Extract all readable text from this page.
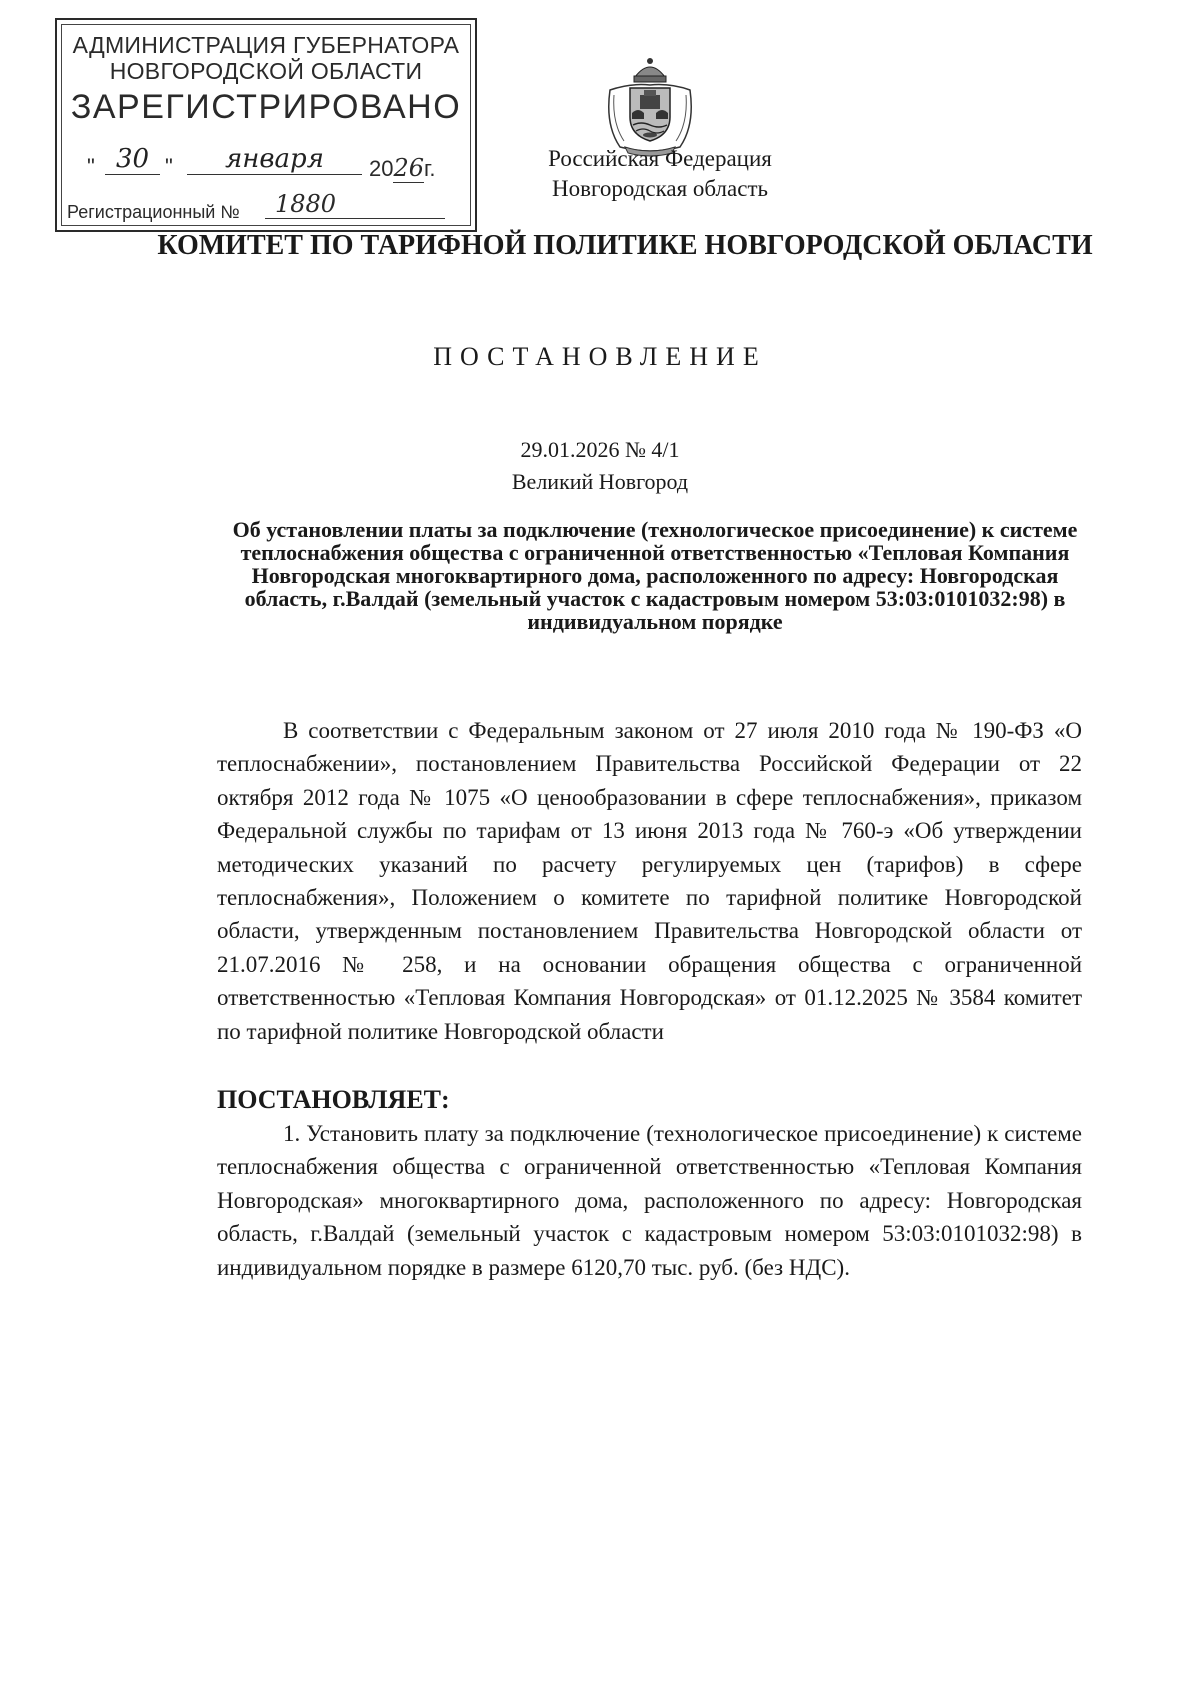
АДМИНИСТРАЦИЯ ГУБЕРНАТОРА
НОВГОРОДСКОЙ ОБЛАСТИ
ЗАРЕГИСТРИРОВАНО
" 30 "	января	2026г.
Регистрационный №	1880
Российская Федерация
Новгородская область
КОМИТЕТ ПО ТАРИФНОЙ ПОЛИТИКЕ НОВГОРОДСКОЙ ОБЛАСТИ
ПОСТАНОВЛЕНИЕ
29.01.2026 № 4/1
Великий Новгород
Об установлении платы за подключение (технологическое присоединение) к системе теплоснабжения общества с ограниченной ответственностью «Тепловая Компания Новгородская многоквартирного дома, расположенного по адресу: Новгородская область, г.Валдай (земельный участок с кадастровым номером 53:03:0101032:98) в индивидуальном порядке
В соответствии с Федеральным законом от 27 июля 2010 года № 190-ФЗ «О теплоснабжении», постановлением Правительства Российской Федерации от 22 октября 2012 года № 1075 «О ценообразовании в сфере теплоснабжения», приказом Федеральной службы по тарифам от 13 июня 2013 года № 760-э «Об утверждении методических указаний по расчету регулируемых цен (тарифов) в сфере теплоснабжения», Положением о комитете по тарифной политике Новгородской области, утвержденным постановлением Правительства Новгородской области от 21.07.2016 № 258, и на основании обращения общества с ограниченной ответственностью «Тепловая Компания Новгородская» от 01.12.2025 № 3584 комитет по тарифной политике Новгородской области
ПОСТАНОВЛЯЕТ:
1. Установить плату за подключение (технологическое присоединение) к системе теплоснабжения общества с ограниченной ответственностью «Тепловая Компания Новгородская» многоквартирного дома, расположенного по адресу: Новгородская область, г.Валдай (земельный участок с кадастровым номером 53:03:0101032:98) в индивидуальном порядке в размере 6120,70 тыс. руб. (без НДС).
